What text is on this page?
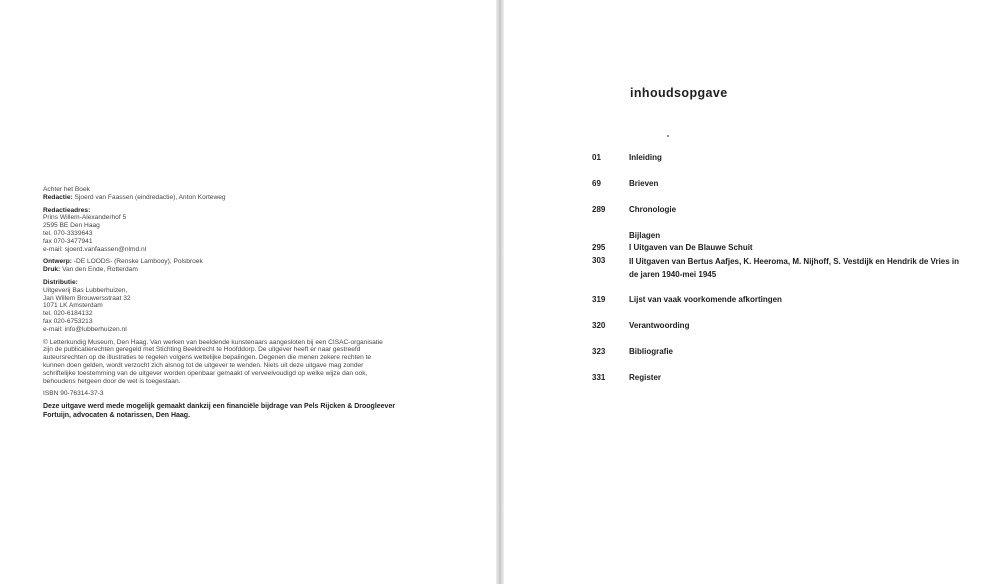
Achter het Boek
Redactie: Sjoerd van Faassen (eindredactie), Anton Korteweg
Redactieadres:
Prins Willem-Alexanderhof 5
2595 BE Den Haag
tel. 070-3339643
fax 070-3477941
e-mail: sjoerd.vanfaassen@nlmd.nl
Ontwerp: -DE LOODS- (Renske Lambooy), Polsbroek
Druk: Van den Ende, Rotterdam
Distributie:
Uitgeverij Bas Lubberhuizen,
Jan Willem Brouwersstraat 32
1071 LK Amsterdam
tel. 020-6184132
fax 020-6753213
e-mail: info@lubberhuizen.nl
© Letterkundig Museum, Den Haag. Van werken van beeldende kunstenaars aangesloten bij een CISAC-organisatie
zijn de publicatierechten geregeld met Stichting Beeldrecht te Hoofddorp. De uitgever heeft er naar gestreefd
auteursrechten op de illustraties te regelen volgens wettelijke bepalingen. Degenen die menen zekere rechten te
kunnen doen gelden, wordt verzocht zich alsnog tot de uitgever te wenden. Niets uit deze uitgave mag zonder
schriftelijke toestemming van de uitgever worden openbaar gemaakt of verveelvoudigd op welke wijze dan ook,
behoudens hetgeen door de wet is toegestaan.
ISBN 90-76314-37-3
Deze uitgave werd mede mogelijk gemaakt dankzij een financiële bijdrage van Pels Rijcken & Droogleever
Fortuijn, advocaten & notarissen, Den Haag.
inhoudsopgave
01	Inleiding
69	Brieven
289	Chronologie
Bijlagen
295	I Uitgaven van De Blauwe Schuit
303	II Uitgaven van Bertus Aafjes, K. Heeroma, M. Nijhoff, S. Vestdijk en Hendrik de Vries in de jaren 1940-mei 1945
319	Lijst van vaak voorkomende afkortingen
320	Verantwoording
323	Bibliografie
331	Register
